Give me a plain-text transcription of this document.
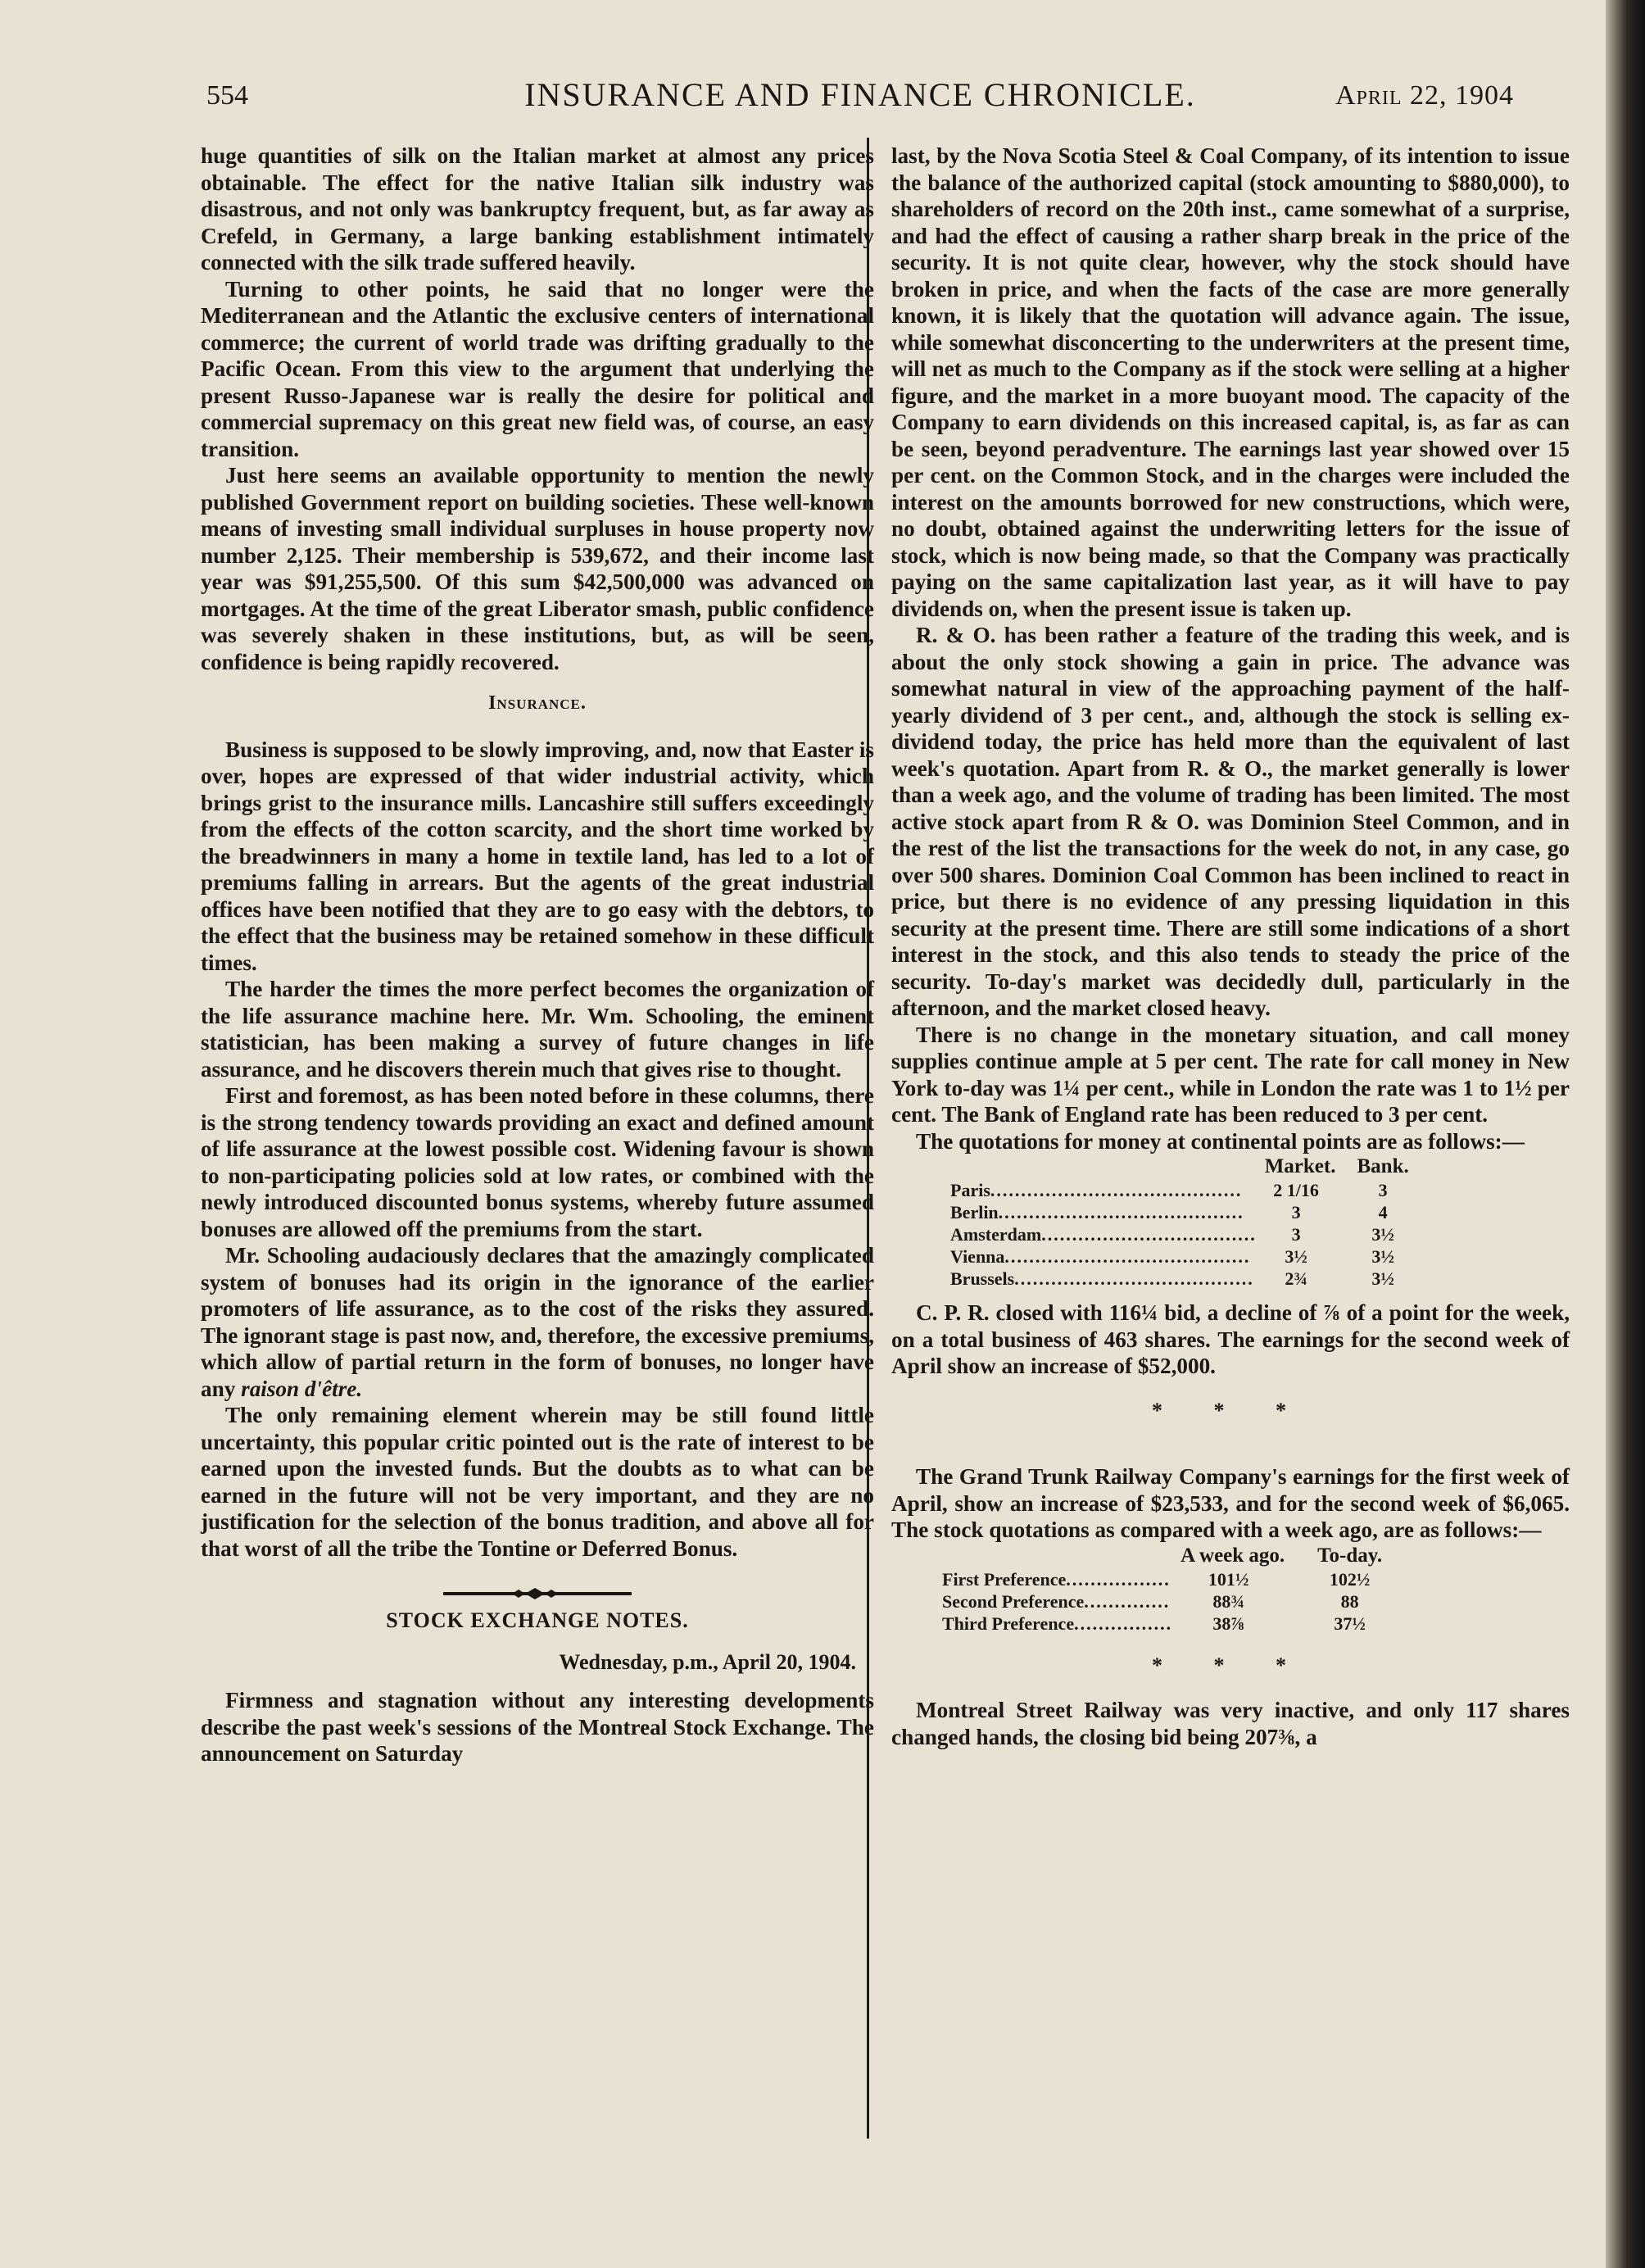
554	INSURANCE AND FINANCE CHRONICLE.	April 22, 1904

huge quantities of silk on the Italian market at almost any prices obtainable. The effect for the native Italian silk industry was disastrous, and not only was bankruptcy frequent, but, as far away as Crefeld, in Germany, a large banking establishment intimately connected with the silk trade suffered heavily.

Turning to other points, he said that no longer were the Mediterranean and the Atlantic the exclusive centers of international commerce; the current of world trade was drifting gradually to the Pacific Ocean. From this view to the argument that underlying the present Russo-Japanese war is really the desire for political and commercial supremacy on this great new field was, of course, an easy transition.

Just here seems an available opportunity to mention the newly published Government report on building societies. These well-known means of investing small individual surpluses in house property now number 2,125. Their membership is 539,672, and their income last year was $91,255,500. Of this sum $42,500,000 was advanced on mortgages. At the time of the great Liberator smash, public confidence was severely shaken in these institutions, but, as will be seen, confidence is being rapidly recovered.

Insurance.

Business is supposed to be slowly improving, and, now that Easter is over, hopes are expressed of that wider industrial activity, which brings grist to the insurance mills. Lancashire still suffers exceedingly from the effects of the cotton scarcity, and the short time worked by the breadwinners in many a home in textile land, has led to a lot of premiums falling in arrears. But the agents of the great industrial offices have been notified that they are to go easy with the debtors, to the effect that the business may be retained somehow in these difficult times.

The harder the times the more perfect becomes the organization of the life assurance machine here. Mr. Wm. Schooling, the eminent statistician, has been making a survey of future changes in life assurance, and he discovers therein much that gives rise to thought.

First and foremost, as has been noted before in these columns, there is the strong tendency towards providing an exact and defined amount of life assurance at the lowest possible cost. Widening favour is shown to non-participating policies sold at low rates, or combined with the newly introduced discounted bonus systems, whereby future assumed bonuses are allowed off the premiums from the start.

Mr. Schooling audaciously declares that the amazingly complicated system of bonuses had its origin in the ignorance of the earlier promoters of life assurance, as to the cost of the risks they assured. The ignorant stage is past now, and, therefore, the excessive premiums, which allow of partial return in the form of bonuses, no longer have any raison d'être.

The only remaining element wherein may be still found little uncertainty, this popular critic pointed out is the rate of interest to be earned upon the invested funds. But the doubts as to what can be earned in the future will not be very important, and they are no justification for the selection of the bonus tradition, and above all for that worst of all the tribe the Tontine or Deferred Bonus.

STOCK EXCHANGE NOTES.
Wednesday, p.m., April 20, 1904.

Firmness and stagnation without any interesting developments describe the past week's sessions of the Montreal Stock Exchange. The announcement on Saturday

last, by the Nova Scotia Steel & Coal Company, of its intention to issue the balance of the authorized capital (stock amounting to $880,000), to shareholders of record on the 20th inst., came somewhat of a surprise, and had the effect of causing a rather sharp break in the price of the security. It is not quite clear, however, why the stock should have broken in price, and when the facts of the case are more generally known, it is likely that the quotation will advance again. The issue, while somewhat disconcerting to the underwriters at the present time, will net as much to the Company as if the stock were selling at a higher figure, and the market in a more buoyant mood. The capacity of the Company to earn dividends on this increased capital, is, as far as can be seen, beyond peradventure. The earnings last year showed over 15 per cent. on the Common Stock, and in the charges were included the interest on the amounts borrowed for new constructions, which were, no doubt, obtained against the underwriting letters for the issue of stock, which is now being made, so that the Company was practically paying on the same capitalization last year, as it will have to pay dividends on, when the present issue is taken up.

R. & O. has been rather a feature of the trading this week, and is about the only stock showing a gain in price. The advance was somewhat natural in view of the approaching payment of the half-yearly dividend of 3 per cent., and, although the stock is selling ex-dividend today, the price has held more than the equivalent of last week's quotation. Apart from R. & O., the market generally is lower than a week ago, and the volume of trading has been limited. The most active stock apart from R & O. was Dominion Steel Common, and in the rest of the list the transactions for the week do not, in any case, go over 500 shares. Dominion Coal Common has been inclined to react in price, but there is no evidence of any pressing liquidation in this security at the present time. There are still some indications of a short interest in the stock, and this also tends to steady the price of the security. To-day's market was decidedly dull, particularly in the afternoon, and the market closed heavy.

There is no change in the monetary situation, and call money supplies continue ample at 5 per cent. The rate for call money in New York to-day was 1¼ per cent., while in London the rate was 1 to 1½ per cent. The Bank of England rate has been reduced to 3 per cent.

The quotations for money at continental points are as follows:—

	Market.	Bank.
Paris.........................................	2 1/16	3
Berlin........................................	3	4
Amsterdam...................................	3	3½
Vienna........................................	3½	3½
Brussels.......................................	2¾	3½

C. P. R. closed with 116¼ bid, a decline of ⅞ of a point for the week, on a total business of 463 shares. The earnings for the second week of April show an increase of $52,000.

* * *

The Grand Trunk Railway Company's earnings for the first week of April, show an increase of $23,533, and for the second week of $6,065. The stock quotations as compared with a week ago, are as follows:—

	A week ago.	To-day.
First Preference.................	101½	102½
Second Preference..............	88¾	88
Third Preference................	38⅞	37½
* * *

Montreal Street Railway was very inactive, and only 117 shares changed hands, the closing bid being 207⅜, a
